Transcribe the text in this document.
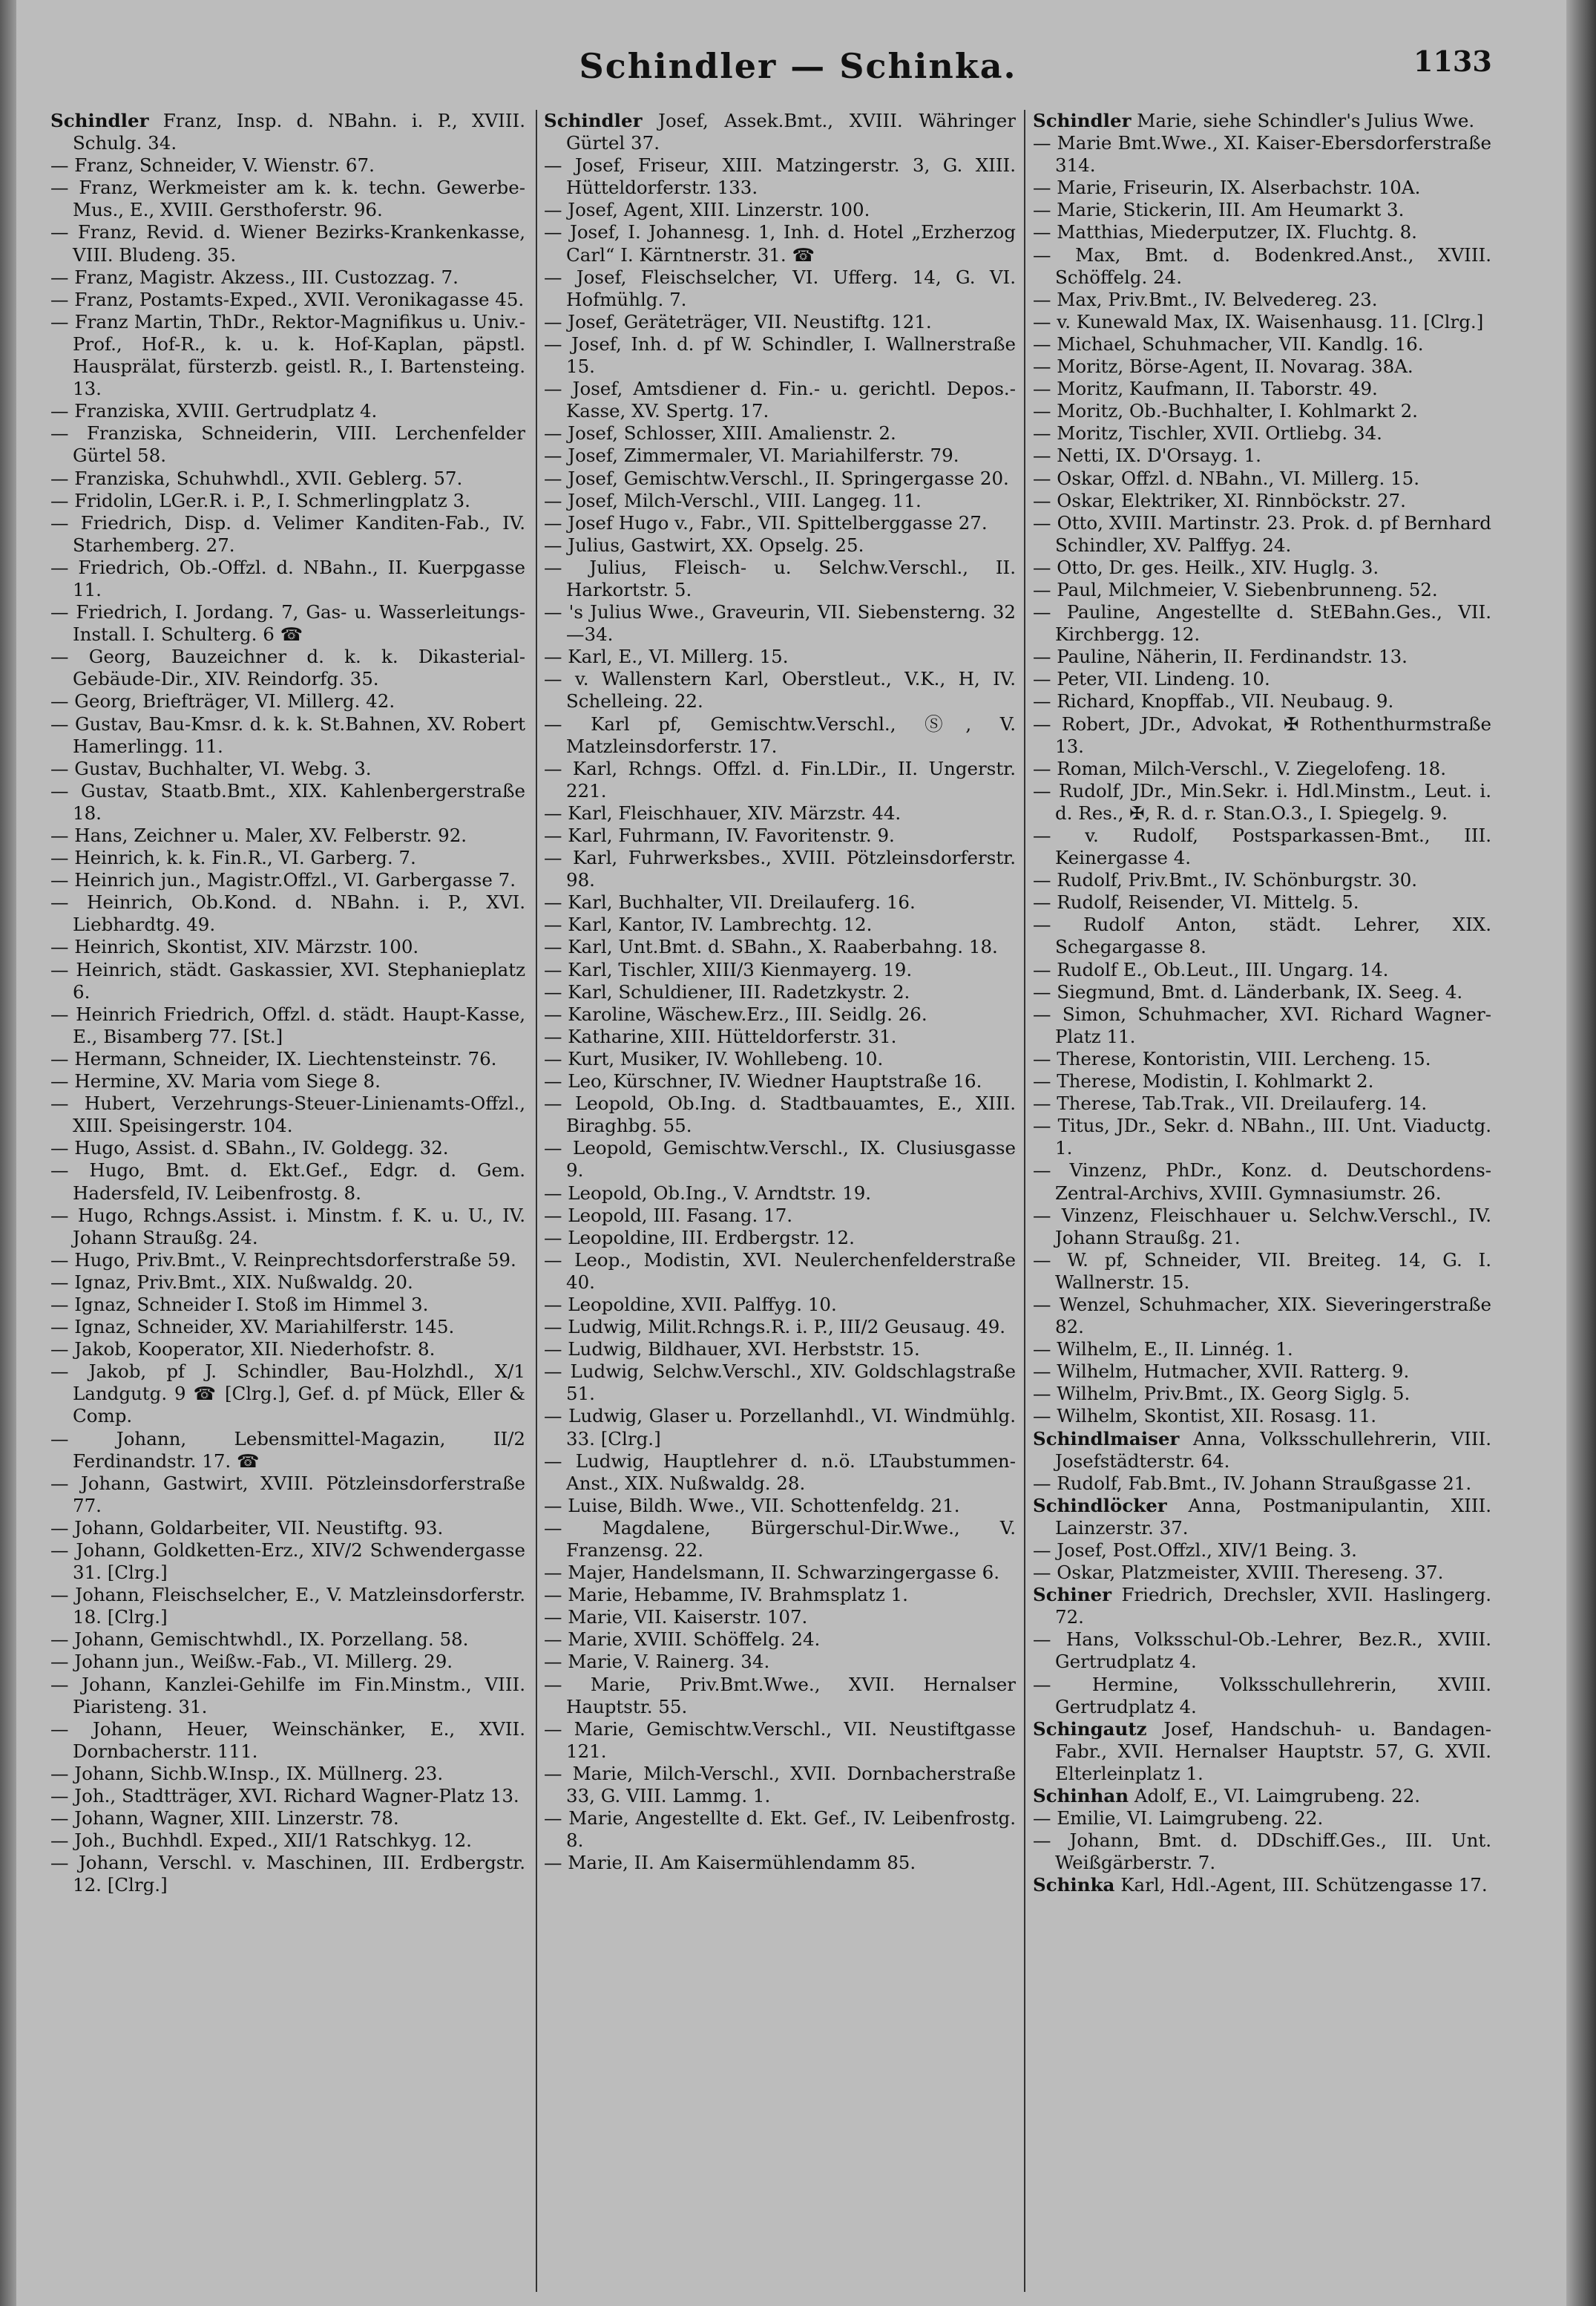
Schindler — Schinka.	1133
Schindler Franz, Insp. d. NBahn. i. P., XVIII. Schulg. 34.
— Franz, Schneider, V. Wienstr. 67.
— Franz, Werkmeister am k. k. techn. Gewerbe-Mus., E., XVIII. Gersthoferstr. 96.
— Franz, Revid. d. Wiener Bezirks-Krankenkasse, VIII. Bludeng. 35.
— Franz, Magistr. Akzess., III. Custozzag. 7.
— Franz, Postamts-Exped., XVII. Veronikagasse 45.
— Franz Martin, ThDr., Rektor-Magnifikus u. Univ.-Prof., Hof-R., k. u. k. Hof-Kaplan, päpstl. Hausprälat, fürsterzb. geistl. R., I. Bartensteing. 13.
— Franziska, XVIII. Gertrudplatz 4.
— Franziska, Schneiderin, VIII. Lerchenfelder Gürtel 58.
— Franziska, Schuhwhdl., XVII. Geblerg. 57.
— Fridolin, LGer.R. i. P., I. Schmerlingplatz 3.
— Friedrich, Disp. d. Velimer Kanditen-Fab., IV. Starhemberg. 27.
— Friedrich, Ob.-Offzl. d. NBahn., II. Kuerpgasse 11.
— Friedrich, I. Jordang. 7, Gas- u. Wasserleitungs-Install. I. Schulterg. 6 ☎
— Georg, Bauzeichner d. k. k. Dikasterial-Gebäude-Dir., XIV. Reindorfg. 35.
— Georg, Briefträger, VI. Millerg. 42.
— Gustav, Bau-Kmsr. d. k. k. St.Bahnen, XV. Robert Hamerlingg. 11.
— Gustav, Buchhalter, VI. Webg. 3.
— Gustav, Staatb.Bmt., XIX. Kahlenbergerstraße 18.
— Hans, Zeichner u. Maler, XV. Felberstr. 92.
— Heinrich, k. k. Fin.R., VI. Garberg. 7.
— Heinrich jun., Magistr.Offzl., VI. Garbergasse 7.
— Heinrich, Ob.Kond. d. NBahn. i. P., XVI. Liebhardtg. 49.
— Heinrich, Skontist, XIV. Märzstr. 100.
— Heinrich, städt. Gaskassier, XVI. Stephanieplatz 6.
— Heinrich Friedrich, Offzl. d. städt. Haupt-Kasse, E., Bisamberg 77. [St.]
— Hermann, Schneider, IX. Liechtensteinstr. 76.
— Hermine, XV. Maria vom Siege 8.
— Hubert, Verzehrungs-Steuer-Linienamts-Offzl., XIII. Speisingerstr. 104.
— Hugo, Assist. d. SBahn., IV. Goldegg. 32.
— Hugo, Bmt. d. Ekt.Gef., Edgr. d. Gem. Hadersfeld, IV. Leibenfrostg. 8.
— Hugo, Rchngs.Assist. i. Minstm. f. K. u. U., IV. Johann Straußg. 24.
— Hugo, Priv.Bmt., V. Reinprechtsdorferstraße 59.
— Ignaz, Priv.Bmt., XIX. Nußwaldg. 20.
— Ignaz, Schneider I. Stoß im Himmel 3.
— Ignaz, Schneider, XV. Mariahilferstr. 145.
— Jakob, Kooperator, XII. Niederhofstr. 8.
— Jakob, pf J. Schindler, Bau-Holzhdl., X/1 Landgutg. 9 ☎ [Clrg.], Gef. d. pf Mück, Eller & Comp.
— Johann, Lebensmittel-Magazin, II/2 Ferdinandstr. 17. ☎
— Johann, Gastwirt, XVIII. Pötzleinsdorferstraße 77.
— Johann, Goldarbeiter, VII. Neustiftg. 93.
— Johann, Goldketten-Erz., XIV/2 Schwendergasse 31. [Clrg.]
— Johann, Fleischselcher, E., V. Matzleinsdorferstr. 18. [Clrg.]
— Johann, Gemischtwhdl., IX. Porzellang. 58.
— Johann jun., Weißw.-Fab., VI. Millerg. 29.
— Johann, Kanzlei-Gehilfe im Fin.Minstm., VIII. Piaristeng. 31.
— Johann, Heuer, Weinschänker, E., XVII. Dornbacherstr. 111.
— Johann, Sichb.W.Insp., IX. Müllnerg. 23.
— Joh., Stadtträger, XVI. Richard Wagner-Platz 13.
— Johann, Wagner, XIII. Linzerstr. 78.
— Joh., Buchhdl. Exped., XII/1 Ratschkyg. 12.
— Johann, Verschl. v. Maschinen, III. Erdbergstr. 12. [Clrg.]
Schindler Josef, Assek.Bmt., XVIII. Währinger Gürtel 37.
— Josef, Friseur, XIII. Matzingerstr. 3, G. XIII. Hütteldorferstr. 133.
— Josef, Agent, XIII. Linzerstr. 100.
— Josef, I. Johannesg. 1, Inh. d. Hotel „Erzherzog Carl“ I. Kärntnerstr. 31. ☎
— Josef, Fleischselcher, VI. Ufferg. 14, G. VI. Hofmühlg. 7.
— Josef, Geräteträger, VII. Neustiftg. 121.
— Josef, Inh. d. pf W. Schindler, I. Wallnerstraße 15.
— Josef, Amtsdiener d. Fin.- u. gerichtl. Depos.-Kasse, XV. Spertg. 17.
— Josef, Schlosser, XIII. Amalienstr. 2.
— Josef, Zimmermaler, VI. Mariahilferstr. 79.
— Josef, Gemischtw.Verschl., II. Springergasse 20.
— Josef, Milch-Verschl., VIII. Langeg. 11.
— Josef Hugo v., Fabr., VII. Spittelberggasse 27.
— Julius, Gastwirt, XX. Opselg. 25.
— Julius, Fleisch- u. Selchw.Verschl., II. Harkortstr. 5.
— 's Julius Wwe., Graveurin, VII. Siebensterng. 32—34.
— Karl, E., VI. Millerg. 15.
— v. Wallenstern Karl, Oberstleut., V.K., H, IV. Schelleing. 22.
— Karl pf, Gemischtw.Verschl., Ⓢ, V. Matzleinsdorferstr. 17.
— Karl, Rchngs. Offzl. d. Fin.LDir., II. Ungerstr. 221.
— Karl, Fleischhauer, XIV. Märzstr. 44.
— Karl, Fuhrmann, IV. Favoritenstr. 9.
— Karl, Fuhrwerksbes., XVIII. Pötzleinsdorferstr. 98.
— Karl, Buchhalter, VII. Dreilauferg. 16.
— Karl, Kantor, IV. Lambrechtg. 12.
— Karl, Unt.Bmt. d. SBahn., X. Raaberbahng. 18.
— Karl, Tischler, XIII/3 Kienmayerg. 19.
— Karl, Schuldiener, III. Radetzkystr. 2.
— Karoline, Wäschew.Erz., III. Seidlg. 26.
— Katharine, XIII. Hütteldorferstr. 31.
— Kurt, Musiker, IV. Wohllebeng. 10.
— Leo, Kürschner, IV. Wiedner Hauptstraße 16.
— Leopold, Ob.Ing. d. Stadtbauamtes, E., XIII. Biraghbg. 55.
— Leopold, Gemischtw.Verschl., IX. Clusiusgasse 9.
— Leopold, Ob.Ing., V. Arndtstr. 19.
— Leopold, III. Fasang. 17.
— Leopoldine, III. Erdbergstr. 12.
— Leop., Modistin, XVI. Neulerchenfelderstraße 40.
— Leopoldine, XVII. Palffyg. 10.
— Ludwig, Milit.Rchngs.R. i. P., III/2 Geusaug. 49.
— Ludwig, Bildhauer, XVI. Herbststr. 15.
— Ludwig, Selchw.Verschl., XIV. Goldschlagstraße 51.
— Ludwig, Glaser u. Porzellanhdl., VI. Windmühlg. 33. [Clrg.]
— Ludwig, Hauptlehrer d. n.ö. LTaubstummen-Anst., XIX. Nußwaldg. 28.
— Luise, Bildh. Wwe., VII. Schottenfeldg. 21.
— Magdalene, Bürgerschul-Dir.Wwe., V. Franzensg. 22.
— Majer, Handelsmann, II. Schwarzingergasse 6.
— Marie, Hebamme, IV. Brahmsplatz 1.
— Marie, VII. Kaiserstr. 107.
— Marie, XVIII. Schöffelg. 24.
— Marie, V. Rainerg. 34.
— Marie, Priv.Bmt.Wwe., XVII. Hernalser Hauptstr. 55.
— Marie, Gemischtw.Verschl., VII. Neustiftgasse 121.
— Marie, Milch-Verschl., XVII. Dornbacherstraße 33, G. VIII. Lammg. 1.
— Marie, Angestellte d. Ekt. Gef., IV. Leibenfrostg. 8.
— Marie, II. Am Kaisermühlendamm 85.
Schindler Marie, siehe Schindler's Julius Wwe.
— Marie Bmt.Wwe., XI. Kaiser-Ebersdorferstraße 314.
— Marie, Friseurin, IX. Alserbachstr. 10A.
— Marie, Stickerin, III. Am Heumarkt 3.
— Matthias, Miederputzer, IX. Fluchtg. 8.
— Max, Bmt. d. Bodenkred.Anst., XVIII. Schöffelg. 24.
— Max, Priv.Bmt., IV. Belvedereg. 23.
— v. Kunewald Max, IX. Waisenhausg. 11. [Clrg.]
— Michael, Schuhmacher, VII. Kandlg. 16.
— Moritz, Börse-Agent, II. Novarag. 38A.
— Moritz, Kaufmann, II. Taborstr. 49.
— Moritz, Ob.-Buchhalter, I. Kohlmarkt 2.
— Moritz, Tischler, XVII. Ortliebg. 34.
— Netti, IX. D'Orsayg. 1.
— Oskar, Offzl. d. NBahn., VI. Millerg. 15.
— Oskar, Elektriker, XI. Rinnböckstr. 27.
— Otto, XVIII. Martinstr. 23. Prok. d. pf Bernhard Schindler, XV. Palffyg. 24.
— Otto, Dr. ges. Heilk., XIV. Huglg. 3.
— Paul, Milchmeier, V. Siebenbrunneng. 52.
— Pauline, Angestellte d. StEBahn.Ges., VII. Kirchbergg. 12.
— Pauline, Näherin, II. Ferdinandstr. 13.
— Peter, VII. Lindeng. 10.
— Richard, Knopffab., VII. Neubaug. 9.
— Robert, JDr., Advokat, ✠ Rothenthurmstraße 13.
— Roman, Milch-Verschl., V. Ziegelofeng. 18.
— Rudolf, JDr., Min.Sekr. i. Hdl.Minstm., Leut. i. d. Res., ✠, R. d. r. Stan.O.3., I. Spiegelg. 9.
— v. Rudolf, Postsparkassen-Bmt., III. Keinergasse 4.
— Rudolf, Priv.Bmt., IV. Schönburgstr. 30.
— Rudolf, Reisender, VI. Mittelg. 5.
— Rudolf Anton, städt. Lehrer, XIX. Schegargasse 8.
— Rudolf E., Ob.Leut., III. Ungarg. 14.
— Siegmund, Bmt. d. Länderbank, IX. Seeg. 4.
— Simon, Schuhmacher, XVI. Richard Wagner-Platz 11.
— Therese, Kontoristin, VIII. Lercheng. 15.
— Therese, Modistin, I. Kohlmarkt 2.
— Therese, Tab.Trak., VII. Dreilauferg. 14.
— Titus, JDr., Sekr. d. NBahn., III. Unt. Viaductg. 1.
— Vinzenz, PhDr., Konz. d. Deutschordens-Zentral-Archivs, XVIII. Gymnasiumstr. 26.
— Vinzenz, Fleischhauer u. Selchw.Verschl., IV. Johann Straußg. 21.
— W. pf, Schneider, VII. Breiteg. 14, G. I. Wallnerstr. 15.
— Wenzel, Schuhmacher, XIX. Sieveringerstraße 82.
— Wilhelm, E., II. Linnég. 1.
— Wilhelm, Hutmacher, XVII. Ratterg. 9.
— Wilhelm, Priv.Bmt., IX. Georg Siglg. 5.
— Wilhelm, Skontist, XII. Rosasg. 11.
Schindlmaiser Anna, Volksschullehrerin, VIII. Josefstädterstr. 64.
— Rudolf, Fab.Bmt., IV. Johann Straußgasse 21.
Schindlöcker Anna, Postmanipulantin, XIII. Lainzerstr. 37.
— Josef, Post.Offzl., XIV/1 Being. 3.
— Oskar, Platzmeister, XVIII. Thereseng. 37.
Schiner Friedrich, Drechsler, XVII. Haslingerg. 72.
— Hans, Volksschul-Ob.-Lehrer, Bez.R., XVIII. Gertrudplatz 4.
— Hermine, Volksschullehrerin, XVIII. Gertrudplatz 4.
Schingautz Josef, Handschuh- u. Bandagen-Fabr., XVII. Hernalser Hauptstr. 57, G. XVII. Elterleinplatz 1.
Schinhan Adolf, E., VI. Laimgrubeng. 22.
— Emilie, VI. Laimgrubeng. 22.
— Johann, Bmt. d. DDschiff.Ges., III. Unt. Weißgärberstr. 7.
Schinka Karl, Hdl.-Agent, III. Schützengasse 17.
